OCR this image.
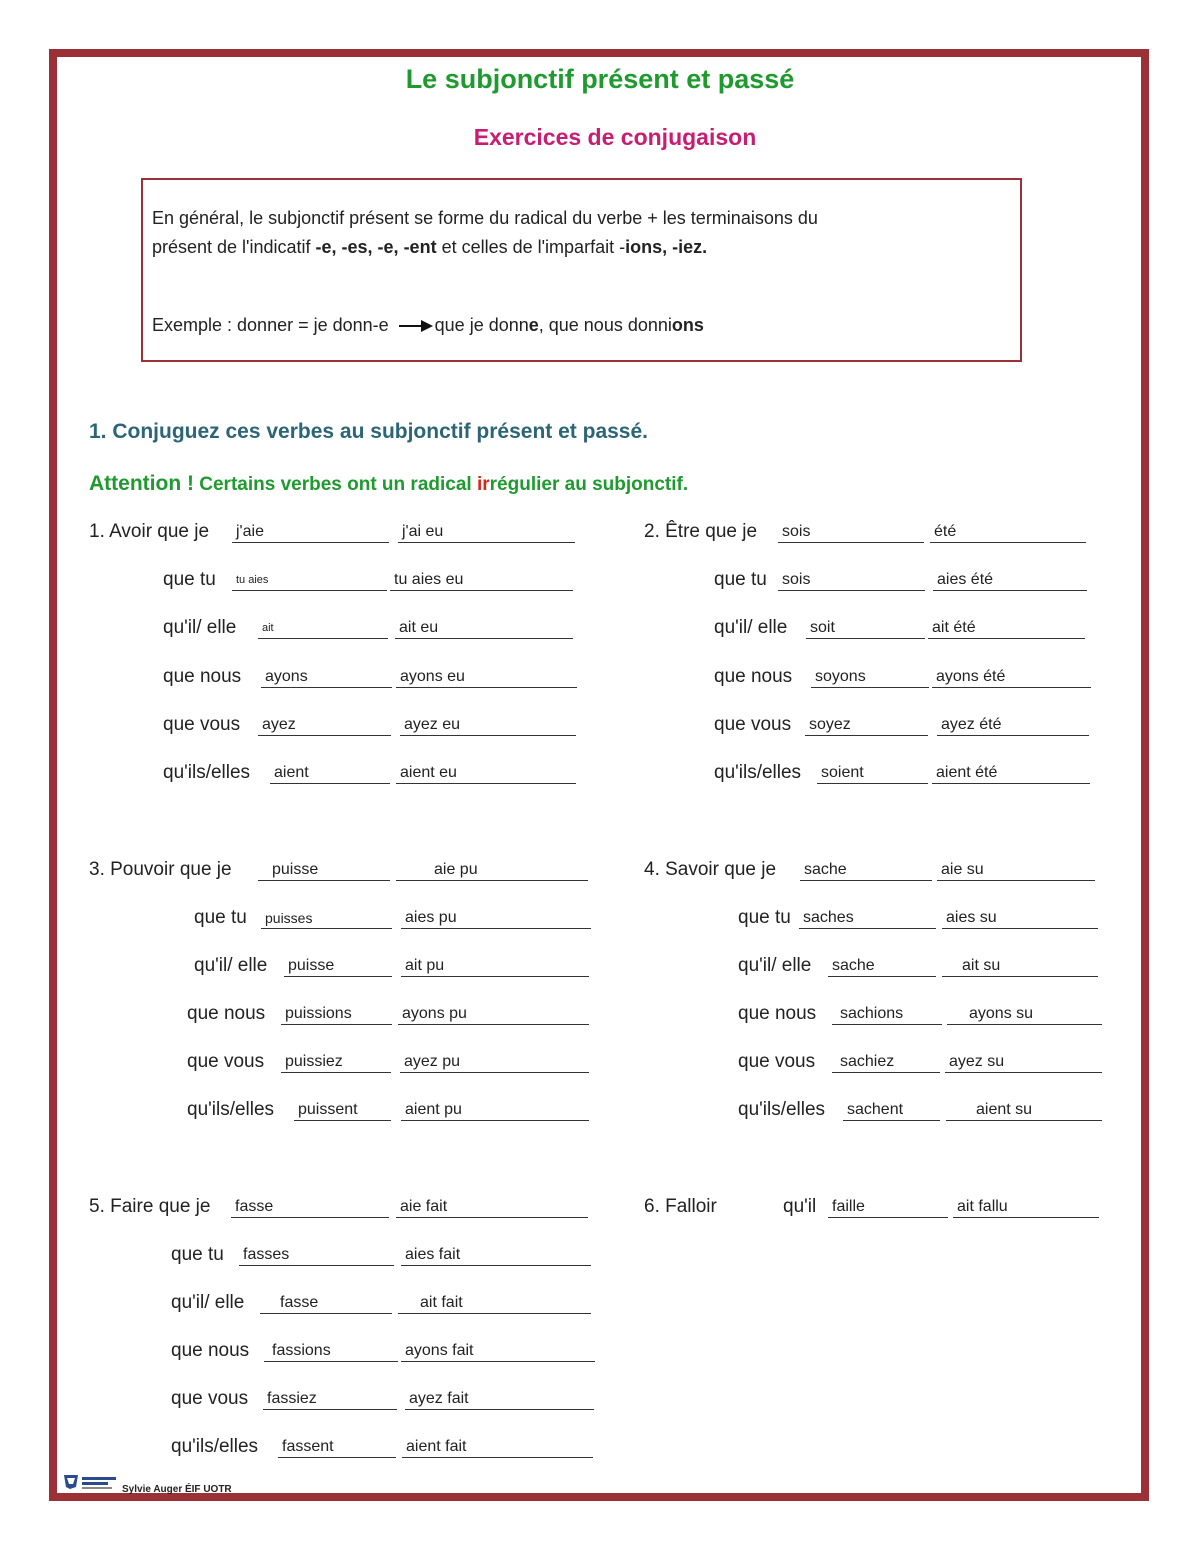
Le subjonctif présent et passé
Exercices de conjugaison
En général, le subjonctif présent se forme du radical du verbe + les terminaisons du
présent de l'indicatif -e, -es, -e, -ent et celles de l'imparfait -ions, -iez.
Exemple : donner = je donn-e	que je donne, que nous donnions
1. Conjuguez ces verbes au subjonctif présent et passé.
Attention ! Certains verbes ont un radical irrégulier au subjonctif.
1. Avoir que je j'aie	j'ai eu
que tu	tu aies	tu aies eu
qu'il/ elle	ait	ait eu
que nous ayons	ayons eu
que vous ayez	ayez eu
qu'ils/elles aient	aient eu
2. Être que je sois	été
que tu sois	aies été
qu'il/ elle soit	ait été
que nous soyons	ayons été
que vous soyez	ayez été
qu'ils/elles soient	aient été
3. Pouvoir que je	puisse	aie pu
que tu puisses	aies pu
qu'il/ elle puisse	ait pu
que nous puissions	ayons pu
que vous puissiez	ayez pu
qu'ils/elles puissent	aient pu
4. Savoir que je sache	aie su
que tu saches	aies su
qu'il/ elle sache	ait su
que nous	sachions	ayons su
que vous	sachiez	ayez su
qu'ils/elles sachent	aient su
5. Faire que je fasse	aie fait
que tu fasses	aies fait
qu'il/ elle	fasse	ait fait
que nous	fassions	ayons fait
que vous fassiez	ayez fait
qu'ils/elles fassent	aient fait
6. Falloir	qu'il faille	ait fallu
Sylvie Auger ÉIF UOTR
